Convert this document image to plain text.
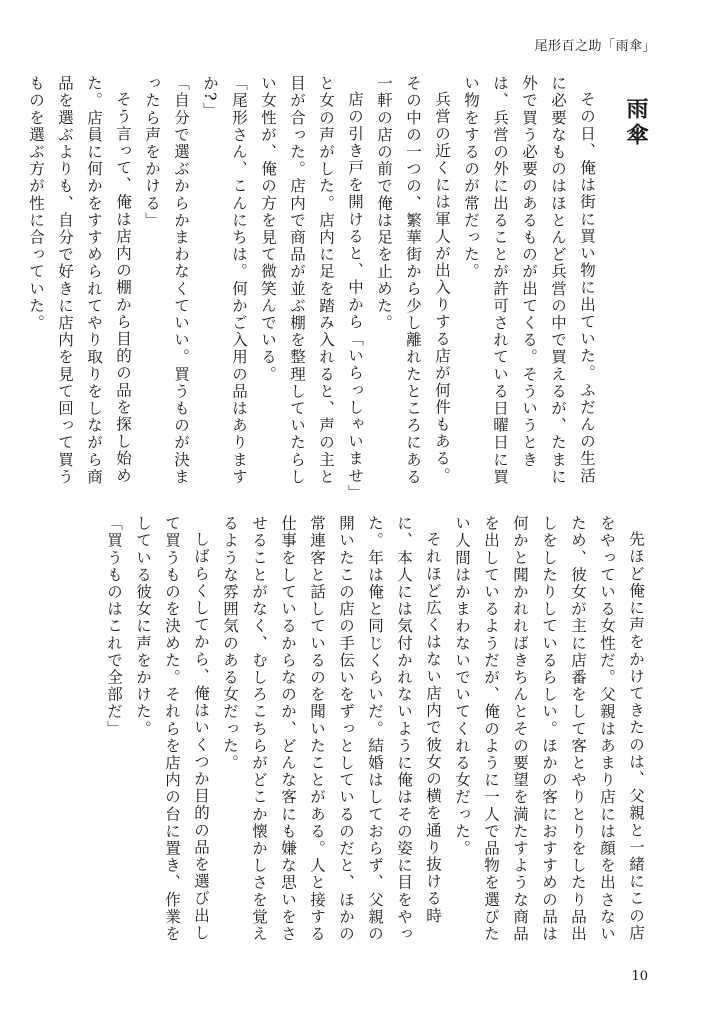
尾形百之助「雨傘」
雨傘

その日、俺は街に買い物に出ていた。ふだんの生活に必要なものはほとんど兵営の中で買えるが、たまに外で買う必要のあるものが出てくる。そういうときは、兵営の外に出ることが許可されている日曜日に買い物をするのが常だった。

兵営の近くには軍人が出入りする店が何件もある。その中の一つの、繁華街から少し離れたところにある一軒の店の前で俺は足を止めた。

店の引き戸を開けると、中から「いらっしゃいませ」と女の声がした。店内に足を踏み入れると、声の主と目が合った。店内で商品が並ぶ棚を整理していたらしい女性が、俺の方を見て微笑んでいる。

「尾形さん、こんにちは。何かご入用の品はありますか?」

「自分で選ぶからかまわなくていい。買うものが決まったら声をかける」

そう言って、俺は店内の棚から目的の品を探し始めた。店員に何かをすすめられてやり取りをしながら商品を選ぶよりも、自分で好きに店内を見て回って買うものを選ぶ方が性に合っていた。

先ほど俺に声をかけてきたのは、父親と一緒にこの店をやっている女性だ。父親はあまり店には顔を出さないため、彼女が主に店番をして客とやりとりをしたり品出しをしたりしているらしい。ほかの客におすすめの品は何かと聞かれればきちんとその要望を満たすような商品を出しているようだが、俺のように一人で品物を選びたい人間はかまわないでいてくれる女だった。

それほど広くはない店内で彼女の横を通り抜ける時に、本人には気付かれないように俺はその姿に目をやった。年は俺と同じくらいだ。結婚はしておらず、父親の開いたこの店の手伝いをずっとしているのだと、ほかの常連客と話しているのを聞いたことがある。人と接する仕事をしているからなのか、どんな客にも嫌な思いをさせることがなく、むしろこちらがどこか懐かしさを覚えるような雰囲気のある女だった。

しばらくしてから、俺はいくつか目的の品を選び出して買うものを決めた。それらを店内の台に置き、作業をしている彼女に声をかけた。

「買うものはこれで全部だ」

10
